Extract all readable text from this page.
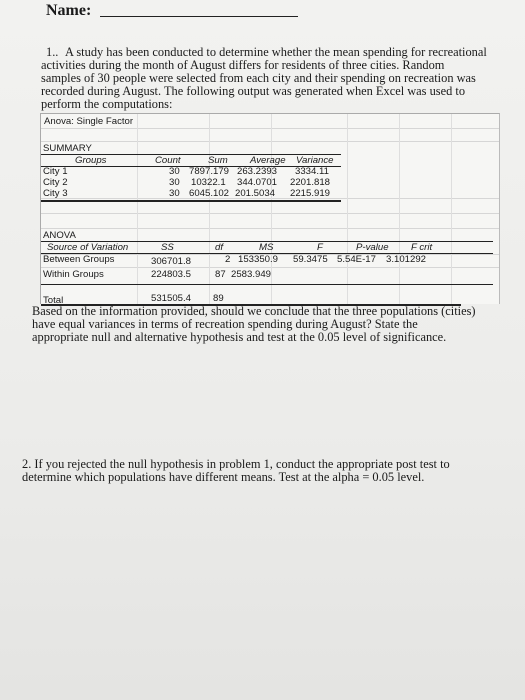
Name:
1.. A study has been conducted to determine whether the mean spending for recreational
activities during the month of August differs for residents of three cities. Random
samples of 30 people were selected from each city and their spending on recreation was
recorded during August. The following output was generated when Excel was used to
perform the computations:
Anova: Single Factor
SUMMARY
Groups	Count	Sum Average Variance
City 1	30 7897.179 263.2393 3334.11
City 2	30 10322.1 344.0701 2201.818
City 3	30 6045.102 201.5034 2215.919
ANOVA
Source of Variation	SS	df	MS	F	P-value F crit
Between Groups	306701.8	2 153350.9 59.3475 5.54E-17 3.101292
Within Groups	224803.5 87 2583.949
Total	531505.4 89
Based on the information provided, should we conclude that the three populations (cities)
have equal variances in terms of recreation spending during August? State the
appropriate null and alternative hypothesis and test at the 0.05 level of significance.
2. If you rejected the null hypothesis in problem 1, conduct the appropriate post test to
determine which populations have different means. Test at the alpha = 0.05 level.
